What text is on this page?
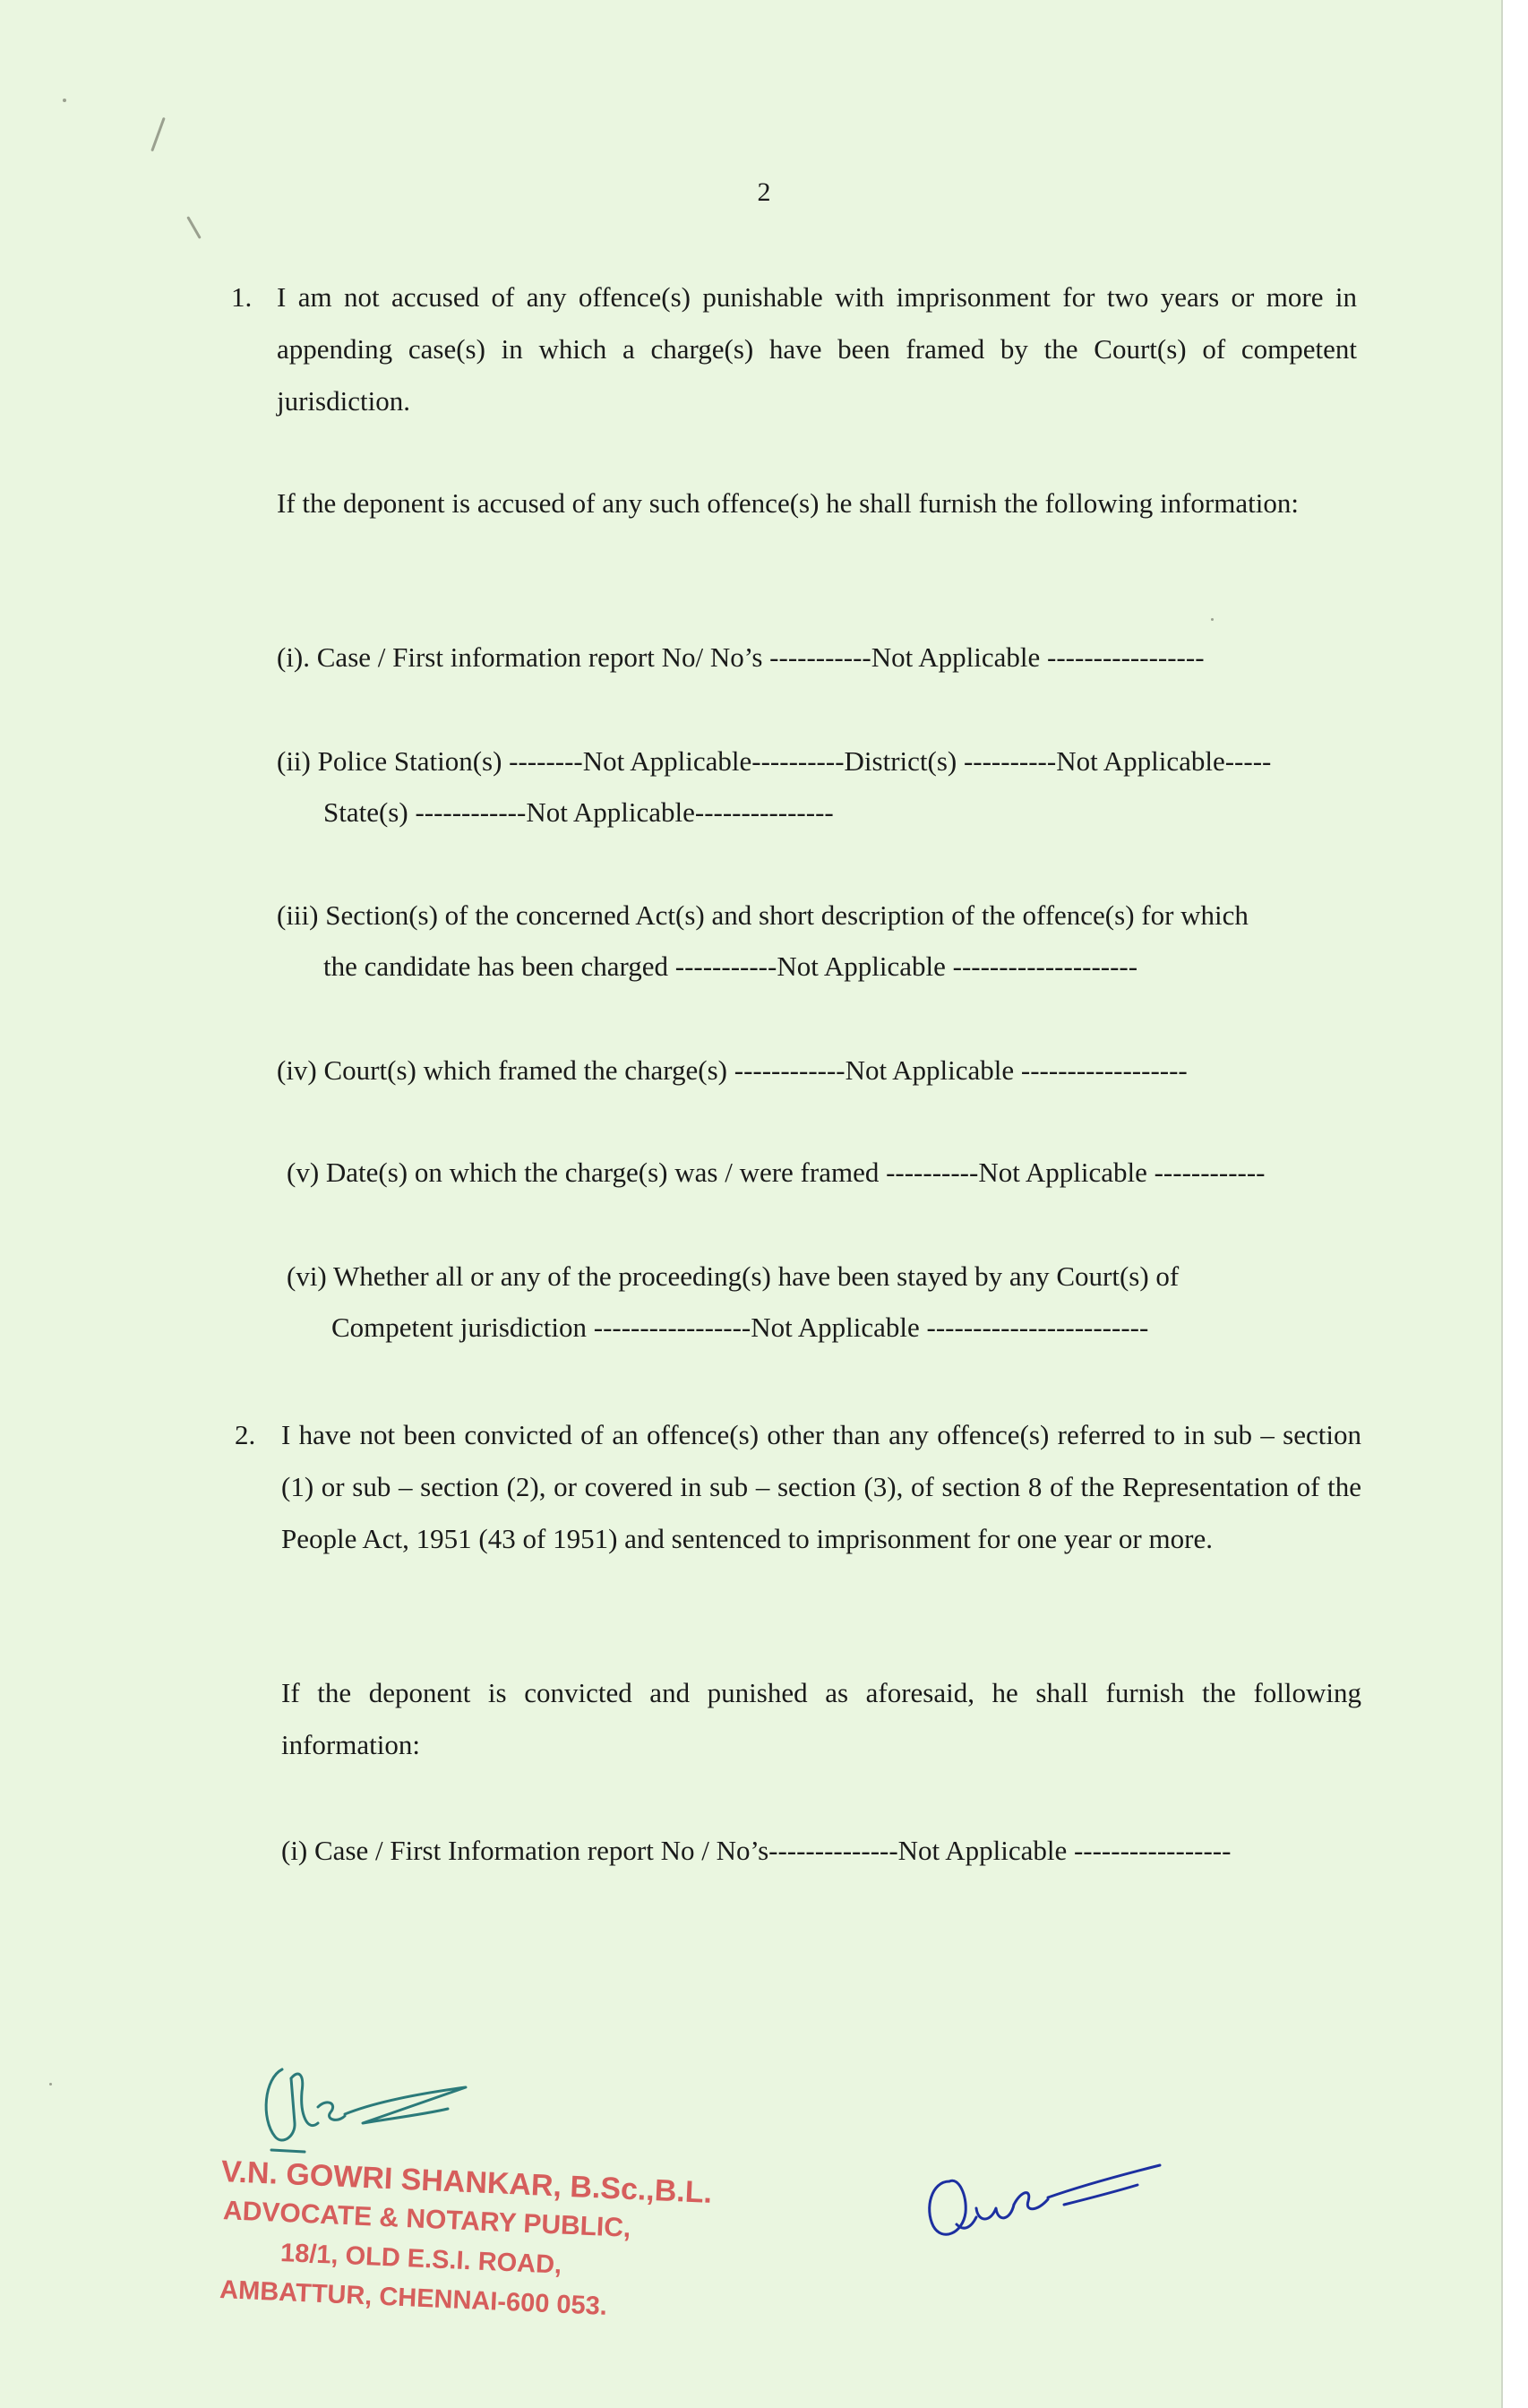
2
1. I am not accused of any offence(s) punishable with imprisonment for two years or more in appending case(s) in which a charge(s) have been framed by the Court(s) of competent jurisdiction.
If the deponent is accused of any such offence(s) he shall furnish the following information:
(i). Case / First information report No/ No’s -----------Not Applicable -----------------
(ii) Police Station(s) --------Not Applicable----------District(s) ----------Not Applicable-----
State(s) ------------Not Applicable---------------
(iii) Section(s) of the concerned Act(s) and short description of the offence(s) for which
the candidate has been charged -----------Not Applicable --------------------
(iv) Court(s) which framed the charge(s) ------------Not Applicable ------------------
(v) Date(s) on which the charge(s) was / were framed ----------Not Applicable ------------
(vi) Whether all or any of the proceeding(s) have been stayed by any Court(s) of
Competent jurisdiction -----------------Not Applicable ------------------------
2. I have not been convicted of an offence(s) other than any offence(s) referred to in sub – section (1) or sub – section (2), or covered in sub – section (3), of section 8 of the Representation of the People Act, 1951 (43 of 1951) and sentenced to imprisonment for one year or more.
If the deponent is convicted and punished as aforesaid, he shall furnish the following information:
(i) Case / First Information report No / No’s--------------Not Applicable -----------------
V.N. GOWRI SHANKAR, B.Sc.,B.L.
ADVOCATE & NOTARY PUBLIC,
18/1, OLD E.S.I. ROAD,
AMBATTUR, CHENNAI-600 053.
